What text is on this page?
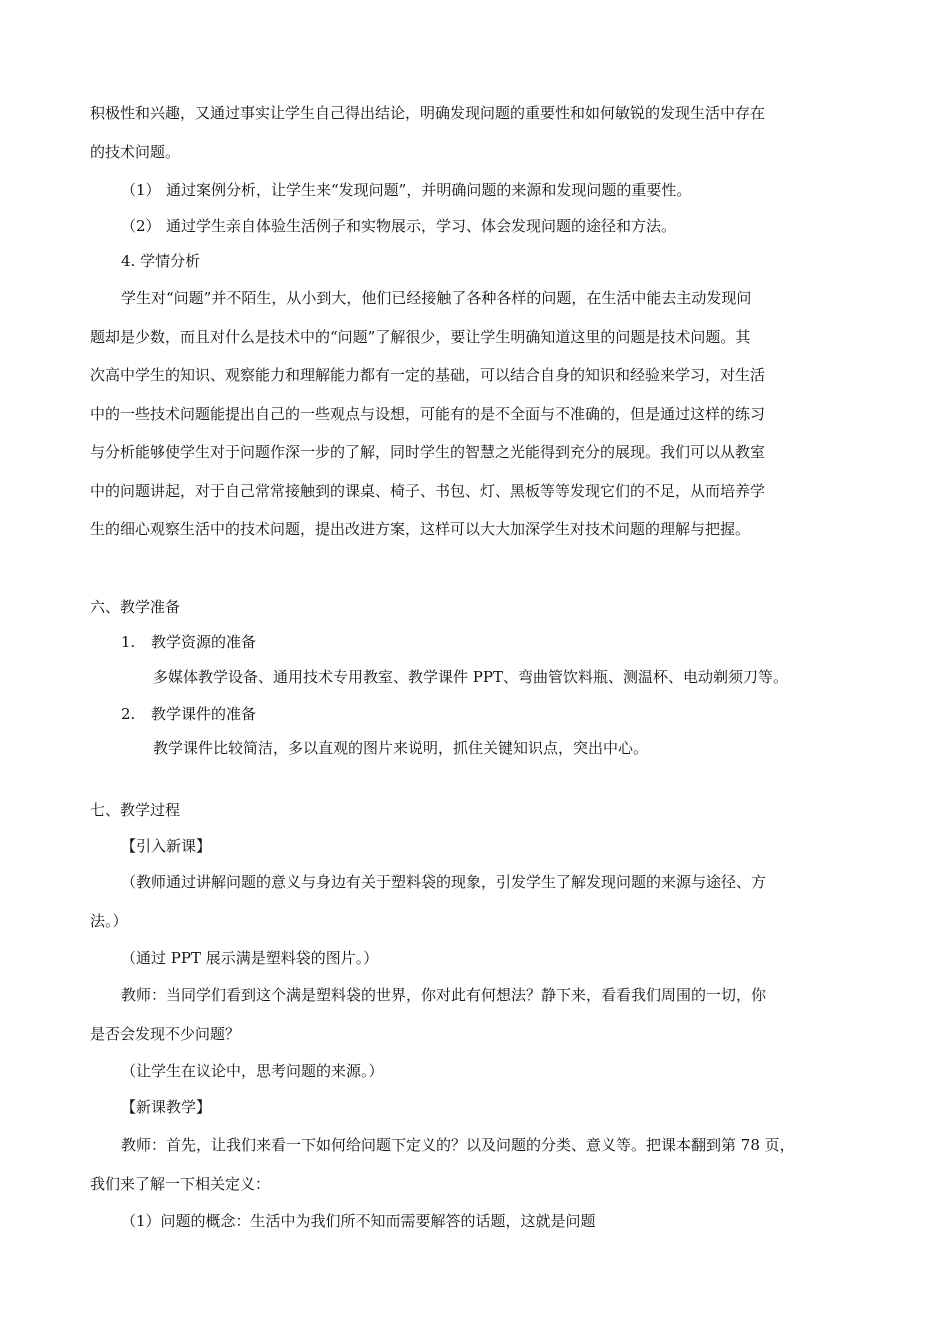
积极性和兴趣，又通过事实让学生自己得出结论，明确发现问题的重要性和如何敏锐的发现生活中存在
的技术问题。
（1）　 通过案例分析，让学生来“发现问题”，并明确问题的来源和发现问题的重要性。
（2）　 通过学生亲自体验生活例子和实物展示，学习、体会发现问题的途径和方法。
4. 学情分析
学生对“问题”并不陌生，从小到大，他们已经接触了各种各样的问题，在生活中能去主动发现问
题却是少数，而且对什么是技术中的“问题”了解很少，要让学生明确知道这里的问题是技术问题。其
次高中学生的知识、观察能力和理解能力都有一定的基础，可以结合自身的知识和经验来学习，对生活
中的一些技术问题能提出自己的一些观点与设想，可能有的是不全面与不准确的，但是通过这样的练习
与分析能够使学生对于问题作深一步的了解，同时学生的智慧之光能得到充分的展现。我们可以从教室
中的问题讲起，对于自己常常接触到的课桌、椅子、书包、灯、黑板等等发现它们的不足，从而培养学
生的细心观察生活中的技术问题，提出改进方案，这样可以大大加深学生对技术问题的理解与把握。
六、教学准备
1. 教学资源的准备
多媒体教学设备、通用技术专用教室、教学课件 PPT、弯曲管饮料瓶、测温杯、电动剃须刀等。
2. 教学课件的准备
教学课件比较简洁，多以直观的图片来说明，抓住关键知识点，突出中心。
七、教学过程
【引入新课】
（教师通过讲解问题的意义与身边有关于塑料袋的现象，引发学生了解发现问题的来源与途径、方
法。）
（通过 PPT 展示满是塑料袋的图片。）
教师：当同学们看到这个满是塑料袋的世界，你对此有何想法？静下来，看看我们周围的一切，你
是否会发现不少问题？
（让学生在议论中，思考问题的来源。）
【新课教学】
教师：首先，让我们来看一下如何给问题下定义的？以及问题的分类、意义等。把课本翻到第 78 页，
我们来了解一下相关定义：
（1）问题的概念：生活中为我们所不知而需要解答的话题，这就是问题
